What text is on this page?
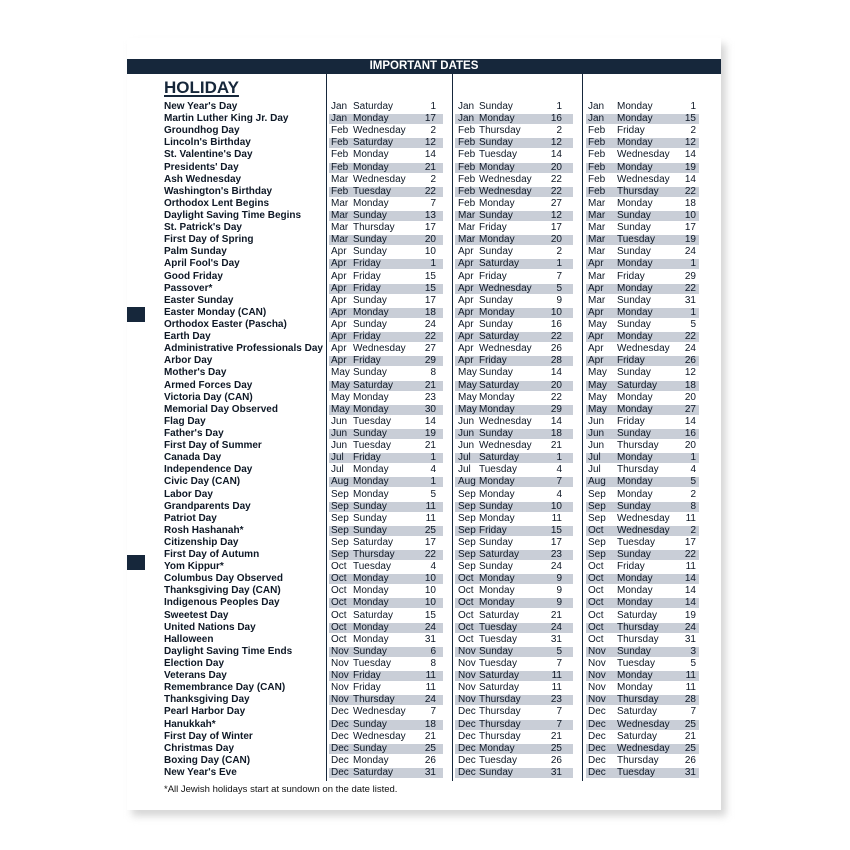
IMPORTANT DATES
HOLIDAY
New Year's Day	Jan Saturday	1 Jan Sunday	1	Jan Monday	1
Martin Luther King Jr. Day	Jan Monday	17 Jan Monday	16	Jan Monday	15
Groundhog Day	Feb Wednesday	2 Feb Thursday	2	Feb Friday	2
Lincoln's Birthday	Feb Saturday	12 Feb Sunday	12	Feb Monday	12
St. Valentine's Day	Feb Monday	14 Feb Tuesday	14	Feb Wednesday	14
Presidents' Day	Feb Monday	21 Feb Monday	20	Feb Monday	19
Ash Wednesday	Mar Wednesday	2 Feb Wednesday	22	Feb Wednesday	14
Washington's Birthday	Feb Tuesday	22 Feb Wednesday	22	Feb Thursday	22
Orthodox Lent Begins	Mar Monday	7 Feb Monday	27	Mar Monday	18
Daylight Saving Time Begins	Mar Sunday	13 Mar Sunday	12	Mar Sunday	10
St. Patrick's Day	Mar Thursday	17 Mar Friday	17	Mar Sunday	17
First Day of Spring	Mar Sunday	20 Mar Monday	20	Mar Tuesday	19
Palm Sunday	Apr Sunday	10 Apr Sunday	2	Mar Sunday	24
April Fool's Day	Apr Friday	1 Apr Saturday	1	Apr Monday	1
Good Friday	Apr Friday	15 Apr Friday	7	Mar Friday	29
Passover*	Apr Friday	15 Apr Wednesday	5	Apr Monday	22
Easter Sunday	Apr Sunday	17 Apr Sunday	9	Mar Sunday	31
Easter Monday (CAN)	Apr Monday	18 Apr Monday	10	Apr Monday	1
Orthodox Easter (Pascha)	Apr Sunday	24 Apr Sunday	16	May Sunday	5
Earth Day	Apr Friday	22 Apr Saturday	22	Apr Monday	22
Administrative Professionals Day Apr Wednesday	27 Apr Wednesday	26	Apr Wednesday	24
Arbor Day	Apr Friday	29 Apr Friday	28	Apr Friday	26
Mother's Day	May Sunday	8 May Sunday	14	May Sunday	12
Armed Forces Day	May Saturday	21 May Saturday	20	May Saturday	18
Victoria Day (CAN)	May Monday	23 May Monday	22	May Monday	20
Memorial Day Observed	May Monday	30 May Monday	29	May Monday	27
Flag Day	Jun Tuesday	14 Jun Wednesday	14	Jun Friday	14
Father's Day	Jun Sunday	19 Jun Sunday	18	Jun Sunday	16
First Day of Summer	Jun Tuesday	21 Jun Wednesday	21	Jun Thursday	20
Canada Day	Jul Friday	1 Jul Saturday	1	Jul Monday	1
Independence Day	Jul Monday	4 Jul Tuesday	4	Jul Thursday	4
Civic Day (CAN)	Aug Monday	1 Aug Monday	7	Aug Monday	5
Labor Day	Sep Monday	5 Sep Monday	4	Sep Monday	2
Grandparents Day	Sep Sunday	11 Sep Sunday	10	Sep Sunday	8
Patriot Day	Sep Sunday	11 Sep Monday	11	Sep Wednesday	11
Rosh Hashanah*	Sep Sunday	25 Sep Friday	15	Oct Wednesday	2
Citizenship Day	Sep Saturday	17 Sep Sunday	17	Sep Tuesday	17
First Day of Autumn	Sep Thursday	22 Sep Saturday	23	Sep Sunday	22
Yom Kippur*	Oct Tuesday	4 Sep Sunday	24	Oct Friday	11
Columbus Day Observed	Oct Monday	10 Oct Monday	9	Oct Monday	14
Thanksgiving Day (CAN)	Oct Monday	10 Oct Monday	9	Oct Monday	14
Indigenous Peoples Day	Oct Monday	10 Oct Monday	9	Oct Monday	14
Sweetest Day	Oct Saturday	15 Oct Saturday	21	Oct Saturday	19
United Nations Day	Oct Monday	24 Oct Tuesday	24	Oct Thursday	24
Halloween	Oct Monday	31 Oct Tuesday	31	Oct Thursday	31
Daylight Saving Time Ends	Nov Sunday	6 Nov Sunday	5	Nov Sunday	3
Election Day	Nov Tuesday	8 Nov Tuesday	7	Nov Tuesday	5
Veterans Day	Nov Friday	11 Nov Saturday	11	Nov Monday	11
Remembrance Day (CAN)	Nov Friday	11 Nov Saturday	11	Nov Monday	11
Thanksgiving Day	Nov Thursday	24 Nov Thursday	23	Nov Thursday	28
Pearl Harbor Day	Dec Wednesday	7 Dec Thursday	7	Dec Saturday	7
Hanukkah*	Dec Sunday	18 Dec Thursday	7	Dec Wednesday	25
First Day of Winter	Dec Wednesday	21 Dec Thursday	21	Dec Saturday	21
Christmas Day	Dec Sunday	25 Dec Monday	25	Dec Wednesday	25
Boxing Day (CAN)	Dec Monday	26 Dec Tuesday	26	Dec Thursday	26
New Year's Eve	Dec Saturday	31 Dec Sunday	31	Dec Tuesday	31
*All Jewish holidays start at sundown on the date listed.
